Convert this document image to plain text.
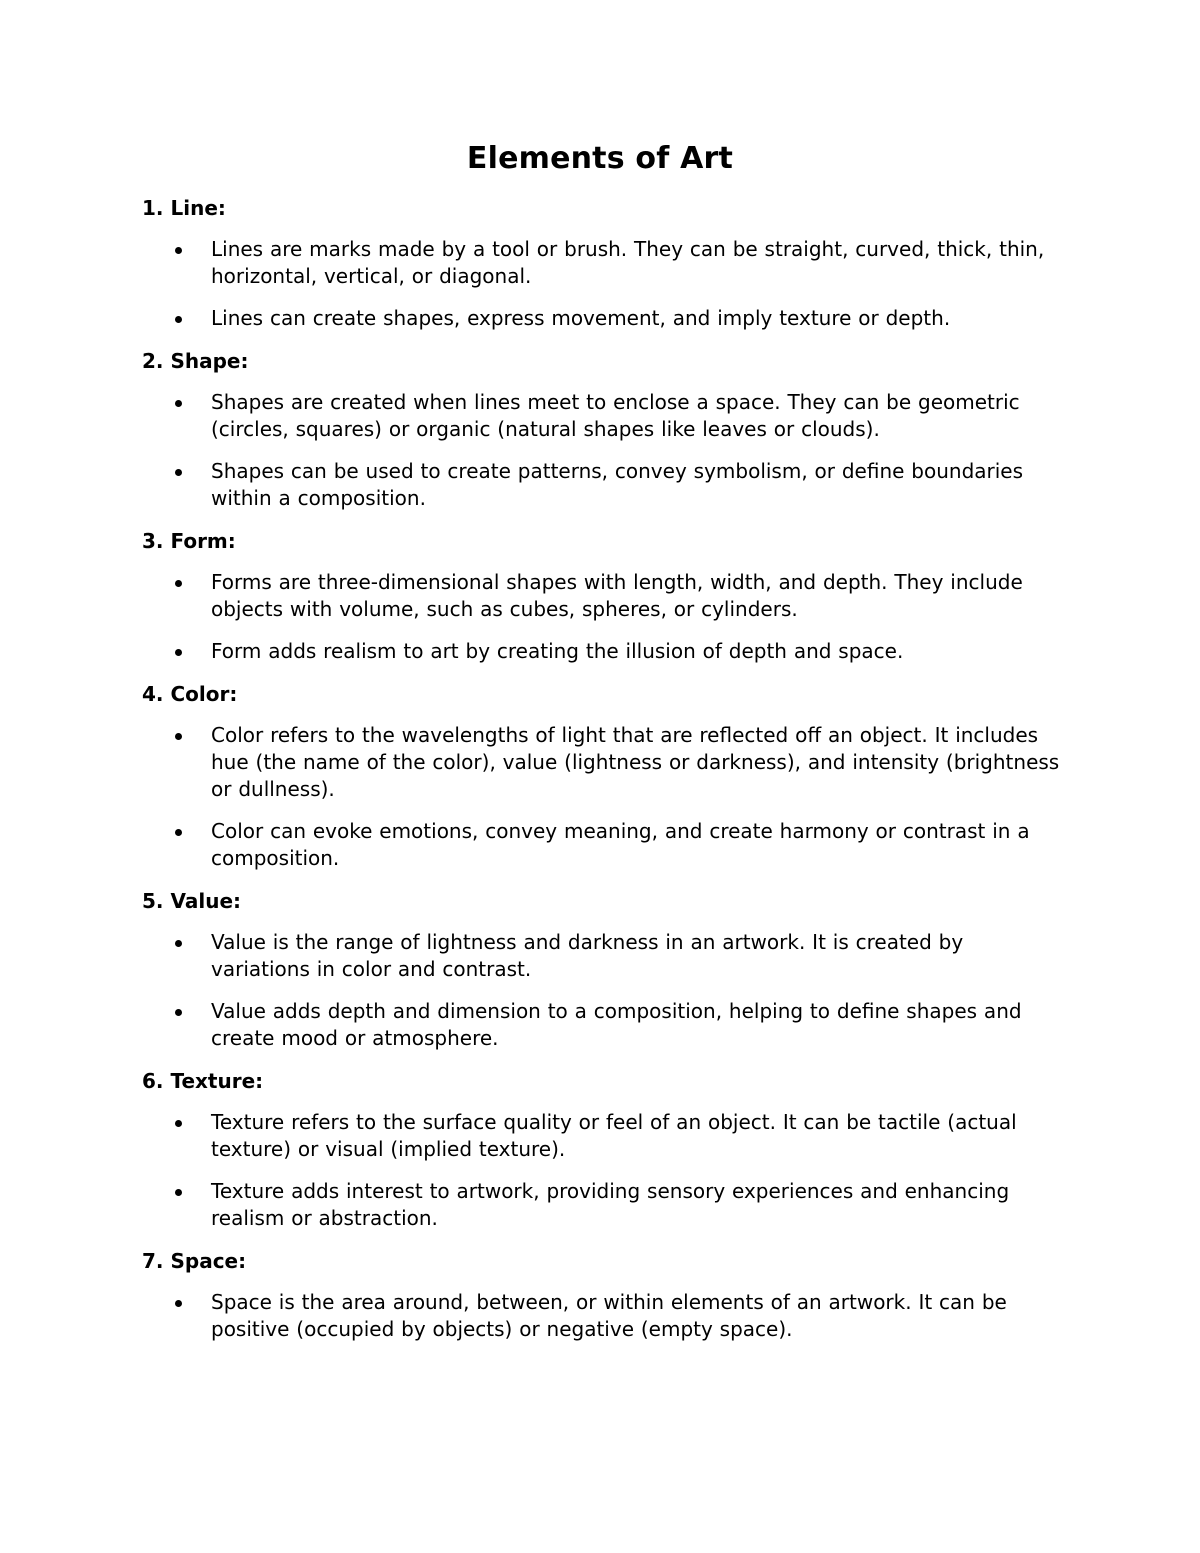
Elements of Art

1. Line:

Lines are marks made by a tool or brush. They can be straight, curved, thick, thin, horizontal, vertical, or diagonal.
Lines can create shapes, express movement, and imply texture or depth.

2. Shape:

Shapes are created when lines meet to enclose a space. They can be geometric (circles, squares) or organic (natural shapes like leaves or clouds).
Shapes can be used to create patterns, convey symbolism, or define boundaries within a composition.

3. Form:

Forms are three-dimensional shapes with length, width, and depth. They include objects with volume, such as cubes, spheres, or cylinders.
Form adds realism to art by creating the illusion of depth and space.

4. Color:

Color refers to the wavelengths of light that are reflected off an object. It includes hue (the name of the color), value (lightness or darkness), and intensity (brightness or dullness).
Color can evoke emotions, convey meaning, and create harmony or contrast in a composition.

5. Value:

Value is the range of lightness and darkness in an artwork. It is created by variations in color and contrast.
Value adds depth and dimension to a composition, helping to define shapes and create mood or atmosphere.

6. Texture:

Texture refers to the surface quality or feel of an object. It can be tactile (actual texture) or visual (implied texture).
Texture adds interest to artwork, providing sensory experiences and enhancing realism or abstraction.

7. Space:

Space is the area around, between, or within elements of an artwork. It can be positive (occupied by objects) or negative (empty space).
